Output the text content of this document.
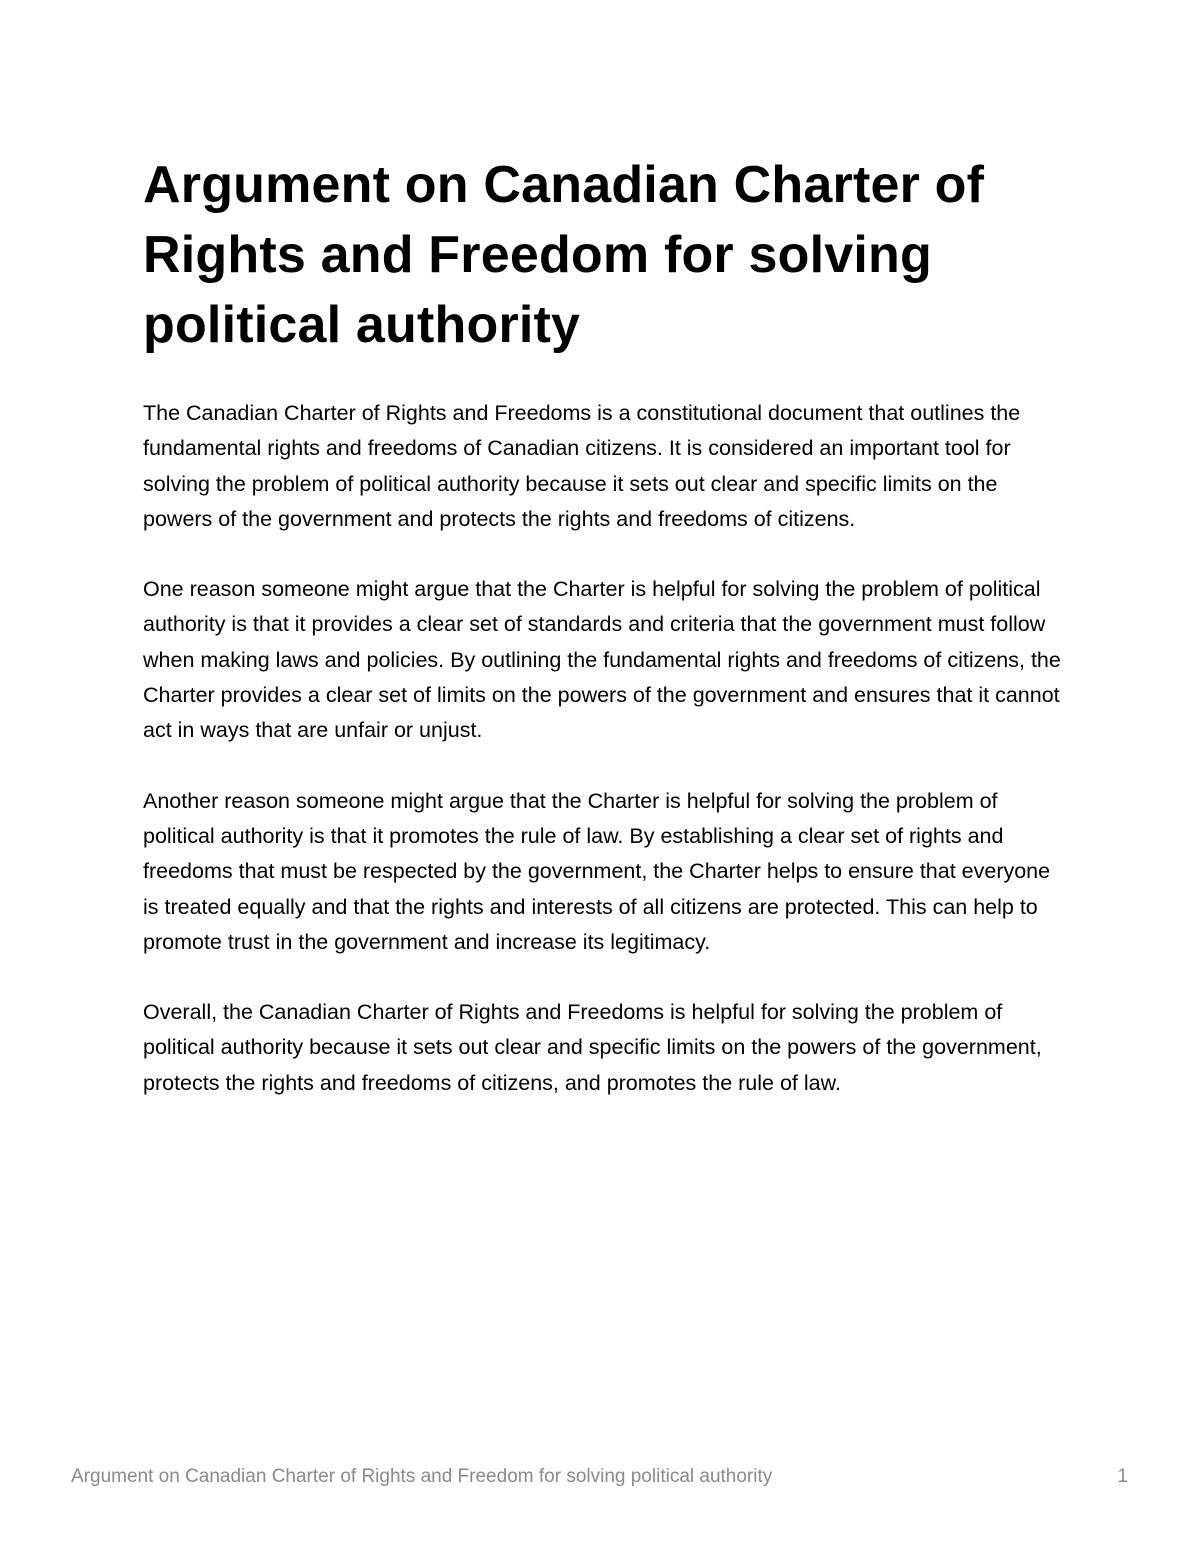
Argument on Canadian Charter of Rights and Freedom for solving political authority

The Canadian Charter of Rights and Freedoms is a constitutional document that outlines the fundamental rights and freedoms of Canadian citizens. It is considered an important tool for solving the problem of political authority because it sets out clear and specific limits on the powers of the government and protects the rights and freedoms of citizens.

One reason someone might argue that the Charter is helpful for solving the problem of political authority is that it provides a clear set of standards and criteria that the government must follow when making laws and policies. By outlining the fundamental rights and freedoms of citizens, the Charter provides a clear set of limits on the powers of the government and ensures that it cannot act in ways that are unfair or unjust.

Another reason someone might argue that the Charter is helpful for solving the problem of political authority is that it promotes the rule of law. By establishing a clear set of rights and freedoms that must be respected by the government, the Charter helps to ensure that everyone is treated equally and that the rights and interests of all citizens are protected. This can help to promote trust in the government and increase its legitimacy.

Overall, the Canadian Charter of Rights and Freedoms is helpful for solving the problem of political authority because it sets out clear and specific limits on the powers of the government, protects the rights and freedoms of citizens, and promotes the rule of law.

Argument on Canadian Charter of Rights and Freedom for solving political authority	1
